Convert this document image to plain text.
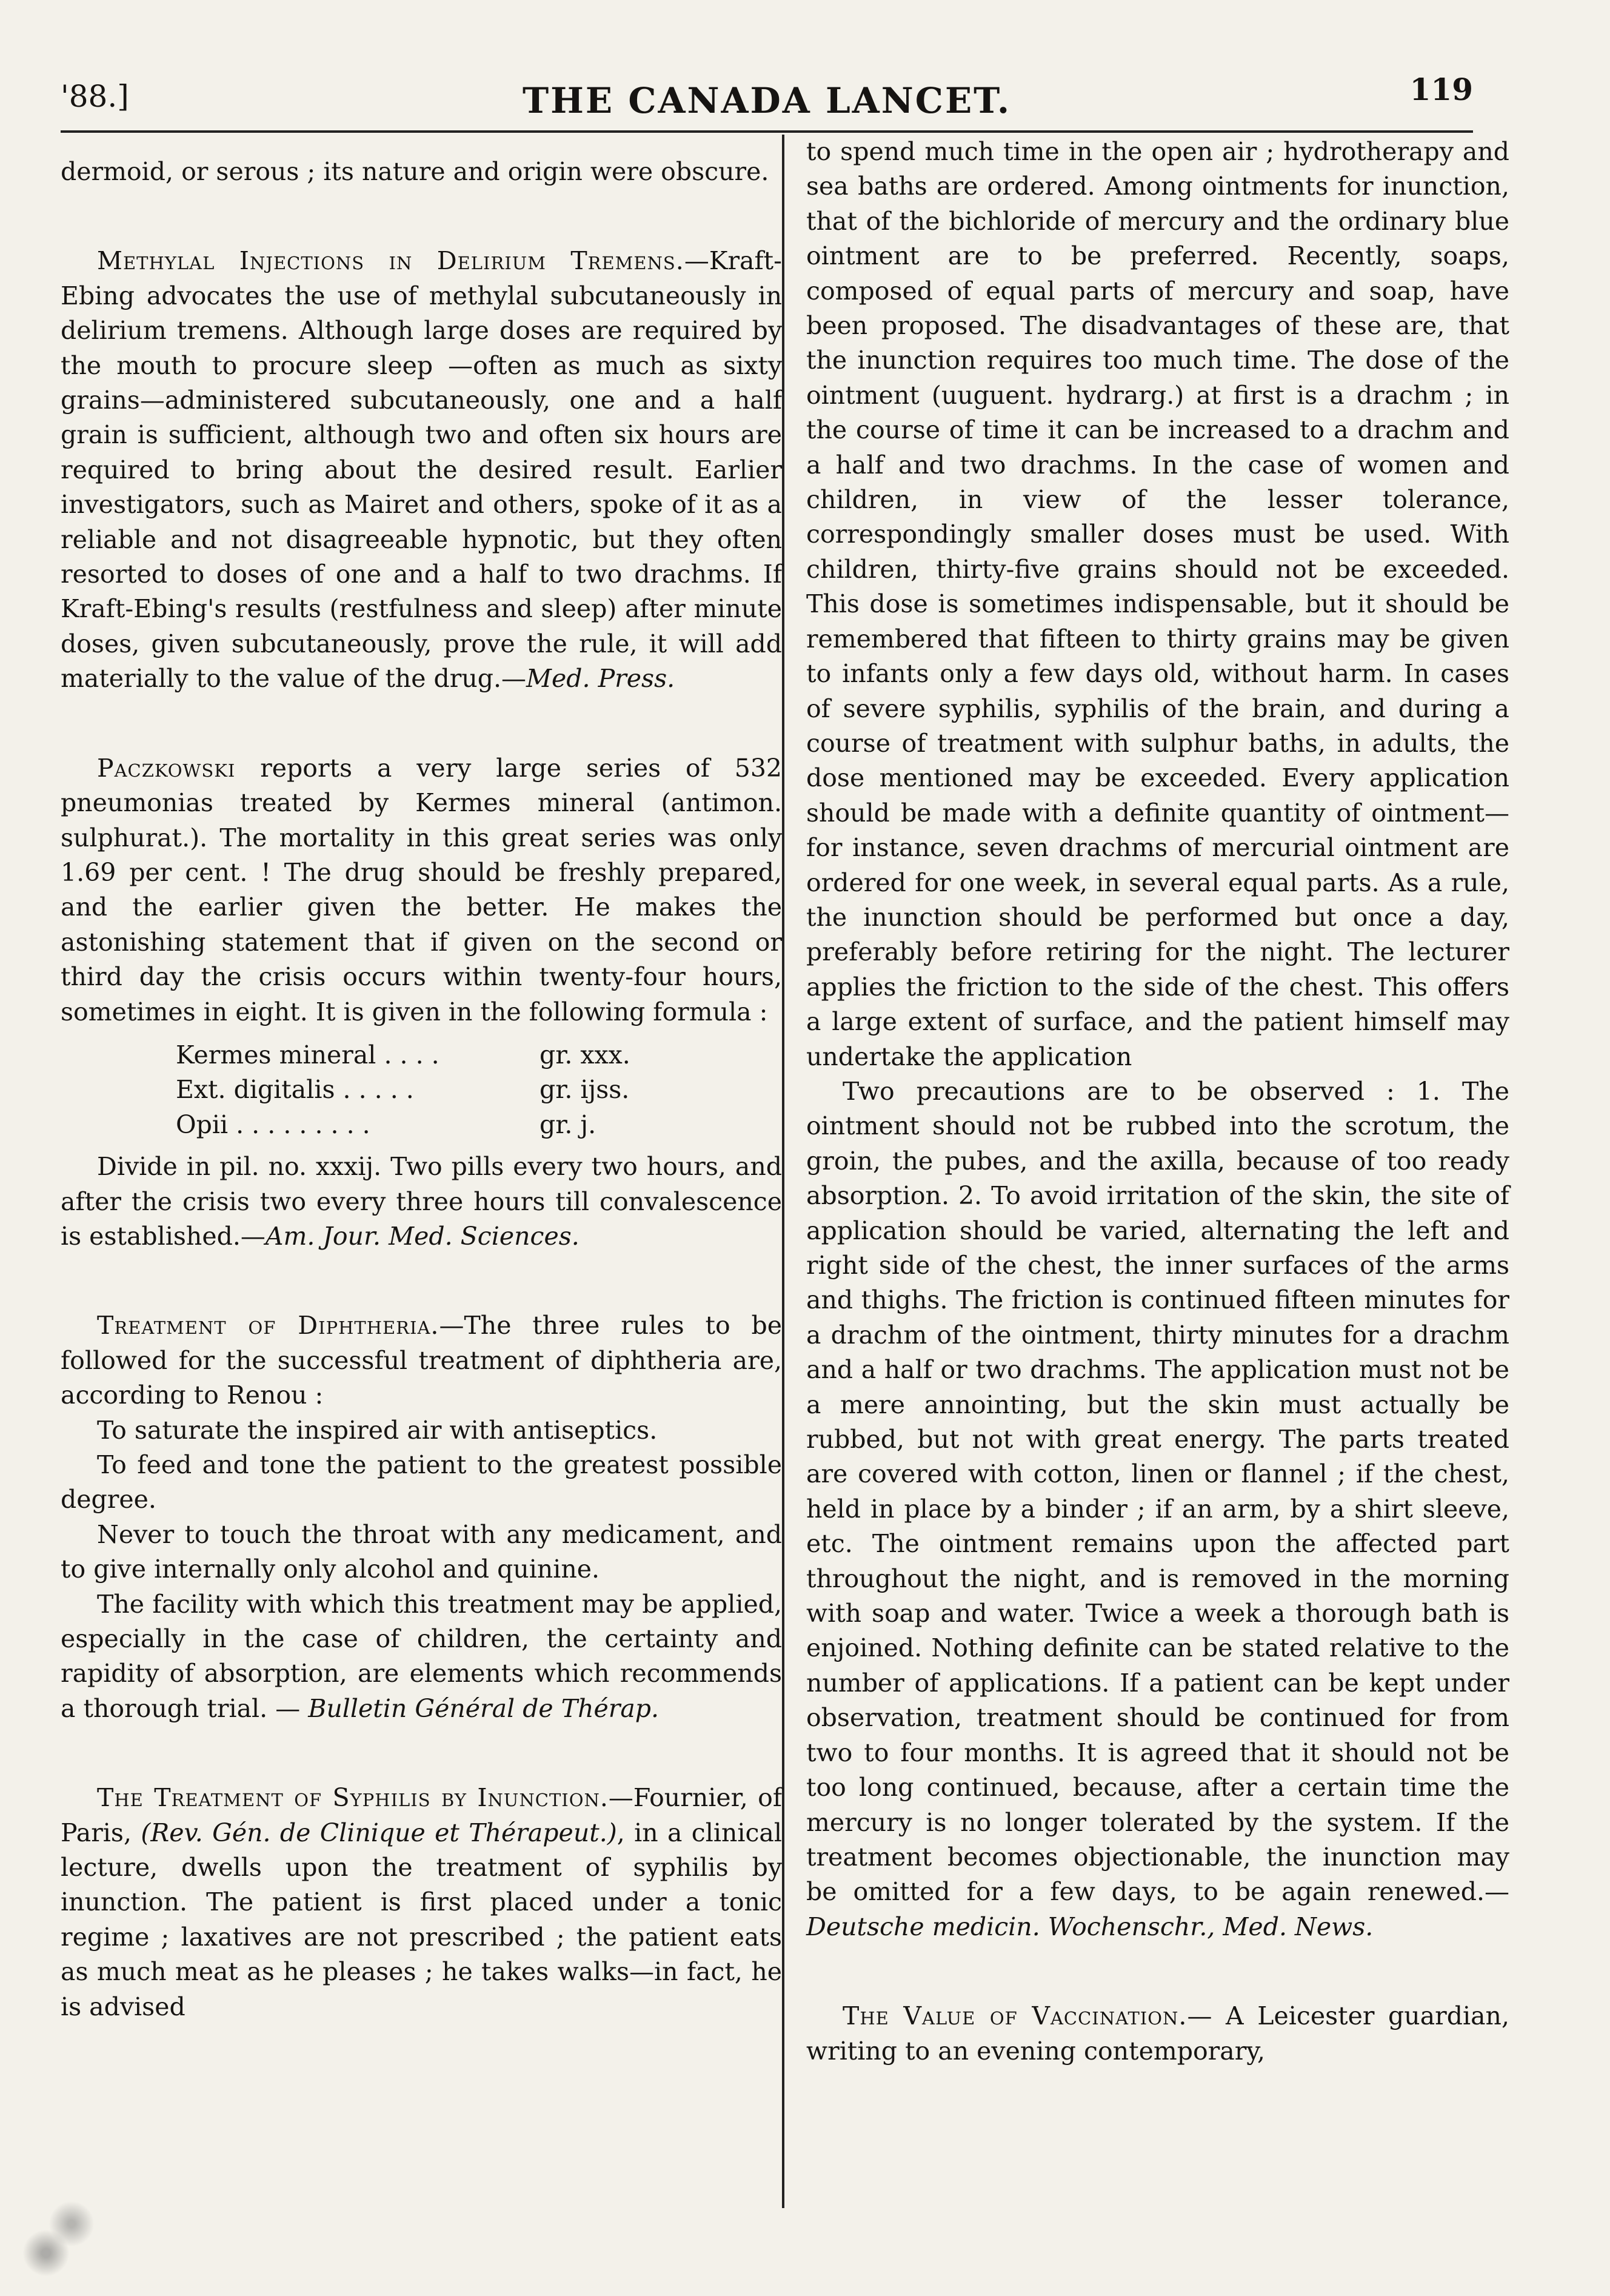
'88.]	THE CANADA LANCET.	119

dermoid, or serous ; its nature and origin were obscure.

Methylal Injections in Delirium Tremens.—Kraft-Ebing advocates the use of methylal subcutaneously in delirium tremens. Although large doses are required by the mouth to procure sleep —often as much as sixty grains—administered subcutaneously, one and a half grain is sufficient, although two and often six hours are required to bring about the desired result. Earlier investigators, such as Mairet and others, spoke of it as a reliable and not disagreeable hypnotic, but they often resorted to doses of one and a half to two drachms. If Kraft-Ebing's results (restfulness and sleep) after minute doses, given subcutaneously, prove the rule, it will add materially to the value of the drug.—Med. Press.

Paczkowski reports a very large series of 532 pneumonias treated by Kermes mineral (antimon. sulphurat.). The mortality in this great series was only 1.69 per cent. ! The drug should be freshly prepared, and the earlier given the better. He makes the astonishing statement that if given on the second or third day the crisis occurs within twenty-four hours, sometimes in eight. It is given in the following formula :

Kermes mineral . . . .	gr. xxx.
Ext. digitalis . . . . .	gr. ijss.
Opii . . . . . . . . .	gr. j.

Divide in pil. no. xxxij. Two pills every two hours, and after the crisis two every three hours till convalescence is established.—Am. Jour. Med. Sciences.

Treatment of Diphtheria.—The three rules to be followed for the successful treatment of diphtheria are, according to Renou :

To saturate the inspired air with antiseptics.

To feed and tone the patient to the greatest possible degree.

Never to touch the throat with any medicament, and to give internally only alcohol and quinine.

The facility with which this treatment may be applied, especially in the case of children, the certainty and rapidity of absorption, are elements which recommends a thorough trial. — Bulletin Général de Thérap.

The Treatment of Syphilis by Inunction.—Fournier, of Paris, (Rev. Gén. de Clinique et Thérapeut.), in a clinical lecture, dwells upon the treatment of syphilis by inunction. The patient is first placed under a tonic regime ; laxatives are not prescribed ; the patient eats as much meat as he pleases ; he takes walks—in fact, he is advised

to spend much time in the open air ; hydrotherapy and sea baths are ordered. Among ointments for inunction, that of the bichloride of mercury and the ordinary blue ointment are to be preferred. Recently, soaps, composed of equal parts of mercury and soap, have been proposed. The disadvantages of these are, that the inunction requires too much time. The dose of the ointment (uuguent. hydrarg.) at first is a drachm ; in the course of time it can be increased to a drachm and a half and two drachms. In the case of women and children, in view of the lesser tolerance, correspondingly smaller doses must be used. With children, thirty-five grains should not be exceeded. This dose is sometimes indispensable, but it should be remembered that fifteen to thirty grains may be given to infants only a few days old, without harm. In cases of severe syphilis, syphilis of the brain, and during a course of treatment with sulphur baths, in adults, the dose mentioned may be exceeded. Every application should be made with a definite quantity of ointment—for instance, seven drachms of mercurial ointment are ordered for one week, in several equal parts. As a rule, the inunction should be performed but once a day, preferably before retiring for the night. The lecturer applies the friction to the side of the chest. This offers a large extent of surface, and the patient himself may undertake the application

Two precautions are to be observed : 1. The ointment should not be rubbed into the scrotum, the groin, the pubes, and the axilla, because of too ready absorption. 2. To avoid irritation of the skin, the site of application should be varied, alternating the left and right side of the chest, the inner surfaces of the arms and thighs. The friction is continued fifteen minutes for a drachm of the ointment, thirty minutes for a drachm and a half or two drachms. The application must not be a mere annointing, but the skin must actually be rubbed, but not with great energy. The parts treated are covered with cotton, linen or flannel ; if the chest, held in place by a binder ; if an arm, by a shirt sleeve, etc. The ointment remains upon the affected part throughout the night, and is removed in the morning with soap and water. Twice a week a thorough bath is enjoined. Nothing definite can be stated relative to the number of applications. If a patient can be kept under observation, treatment should be continued for from two to four months. It is agreed that it should not be too long continued, because, after a certain time the mercury is no longer tolerated by the system. If the treatment becomes objectionable, the inunction may be omitted for a few days, to be again renewed.—Deutsche medicin. Wochenschr., Med. News.

The Value of Vaccination.— A Leicester guardian, writing to an evening contemporary,
